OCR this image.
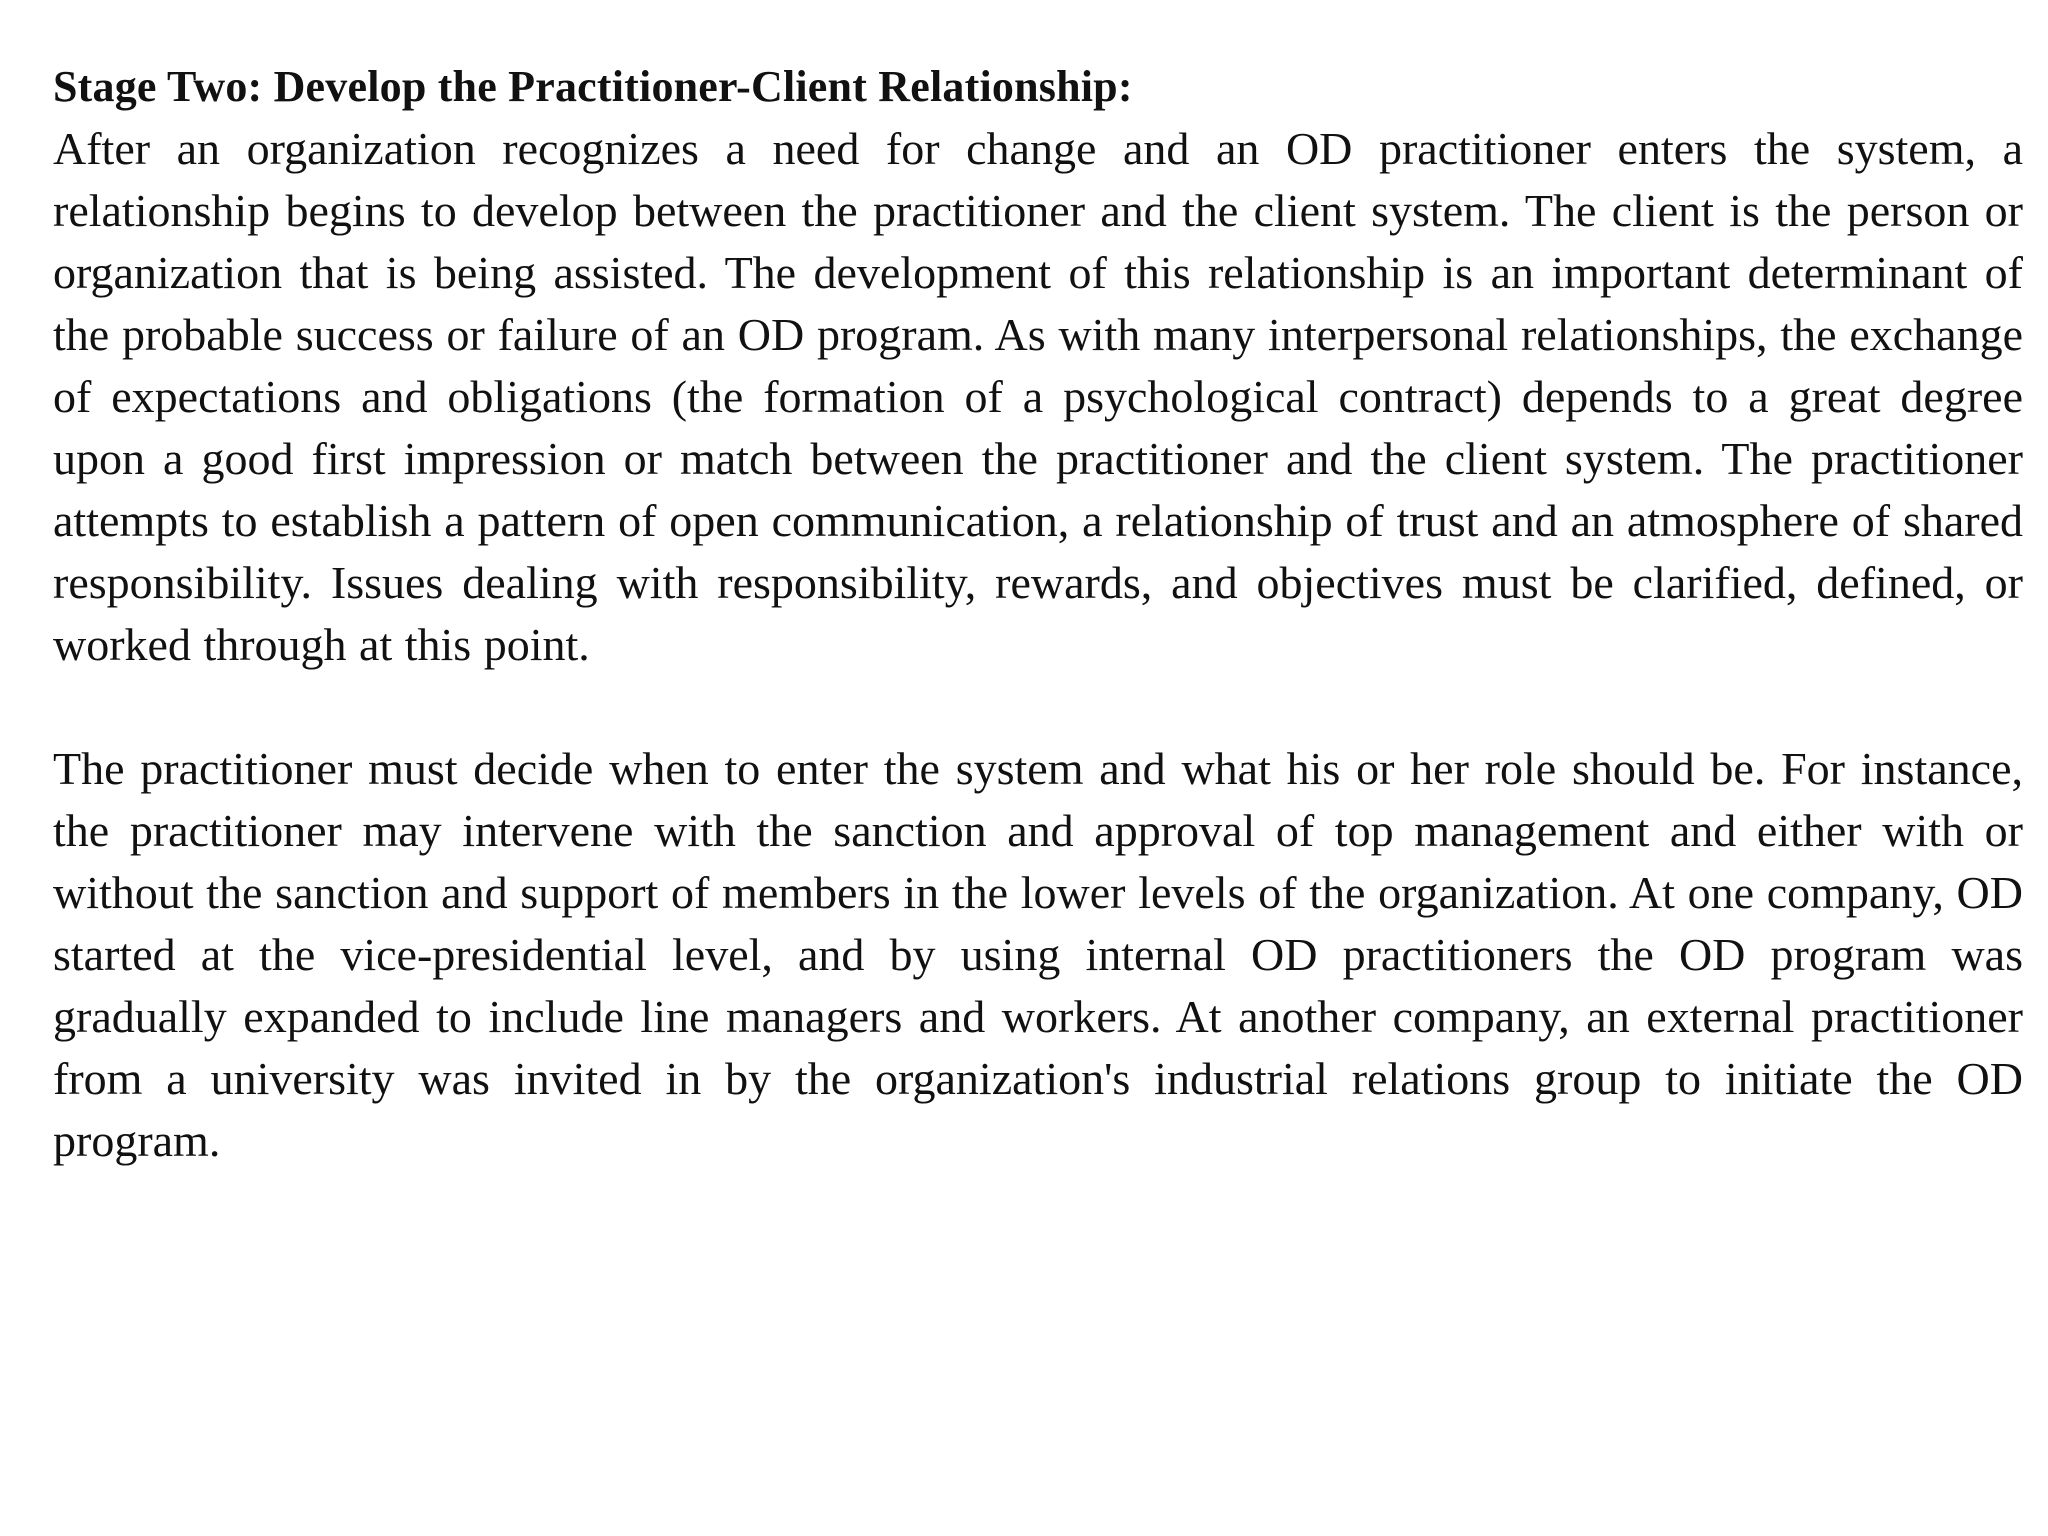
Stage Two: Develop the Practitioner-Client Relationship:

After an organization recognizes a need for change and an OD practitioner enters the system, a relationship begins to develop between the practitioner and the client system. The client is the person or organization that is being assisted. The development of this relationship is an important determinant of the probable success or failure of an OD program. As with many interpersonal relationships, the exchange of expectations and obligations (the formation of a psychological contract) depends to a great degree upon a good first impression or match between the practitioner and the client system. The practitioner attempts to establish a pattern of open communication, a relationship of trust and an atmosphere of shared responsibility. Issues dealing with responsibility, rewards, and objectives must be clarified, defined, or worked through at this point.

The practitioner must decide when to enter the system and what his or her role should be. For instance, the practitioner may intervene with the sanction and approval of top management and either with or without the sanction and support of members in the lower levels of the organization. At one company, OD started at the vice-presidential level, and by using internal OD practitioners the OD program was gradually expanded to include line managers and workers. At another company, an external practitioner from a university was invited in by the organization's industrial relations group to initiate the OD program.
